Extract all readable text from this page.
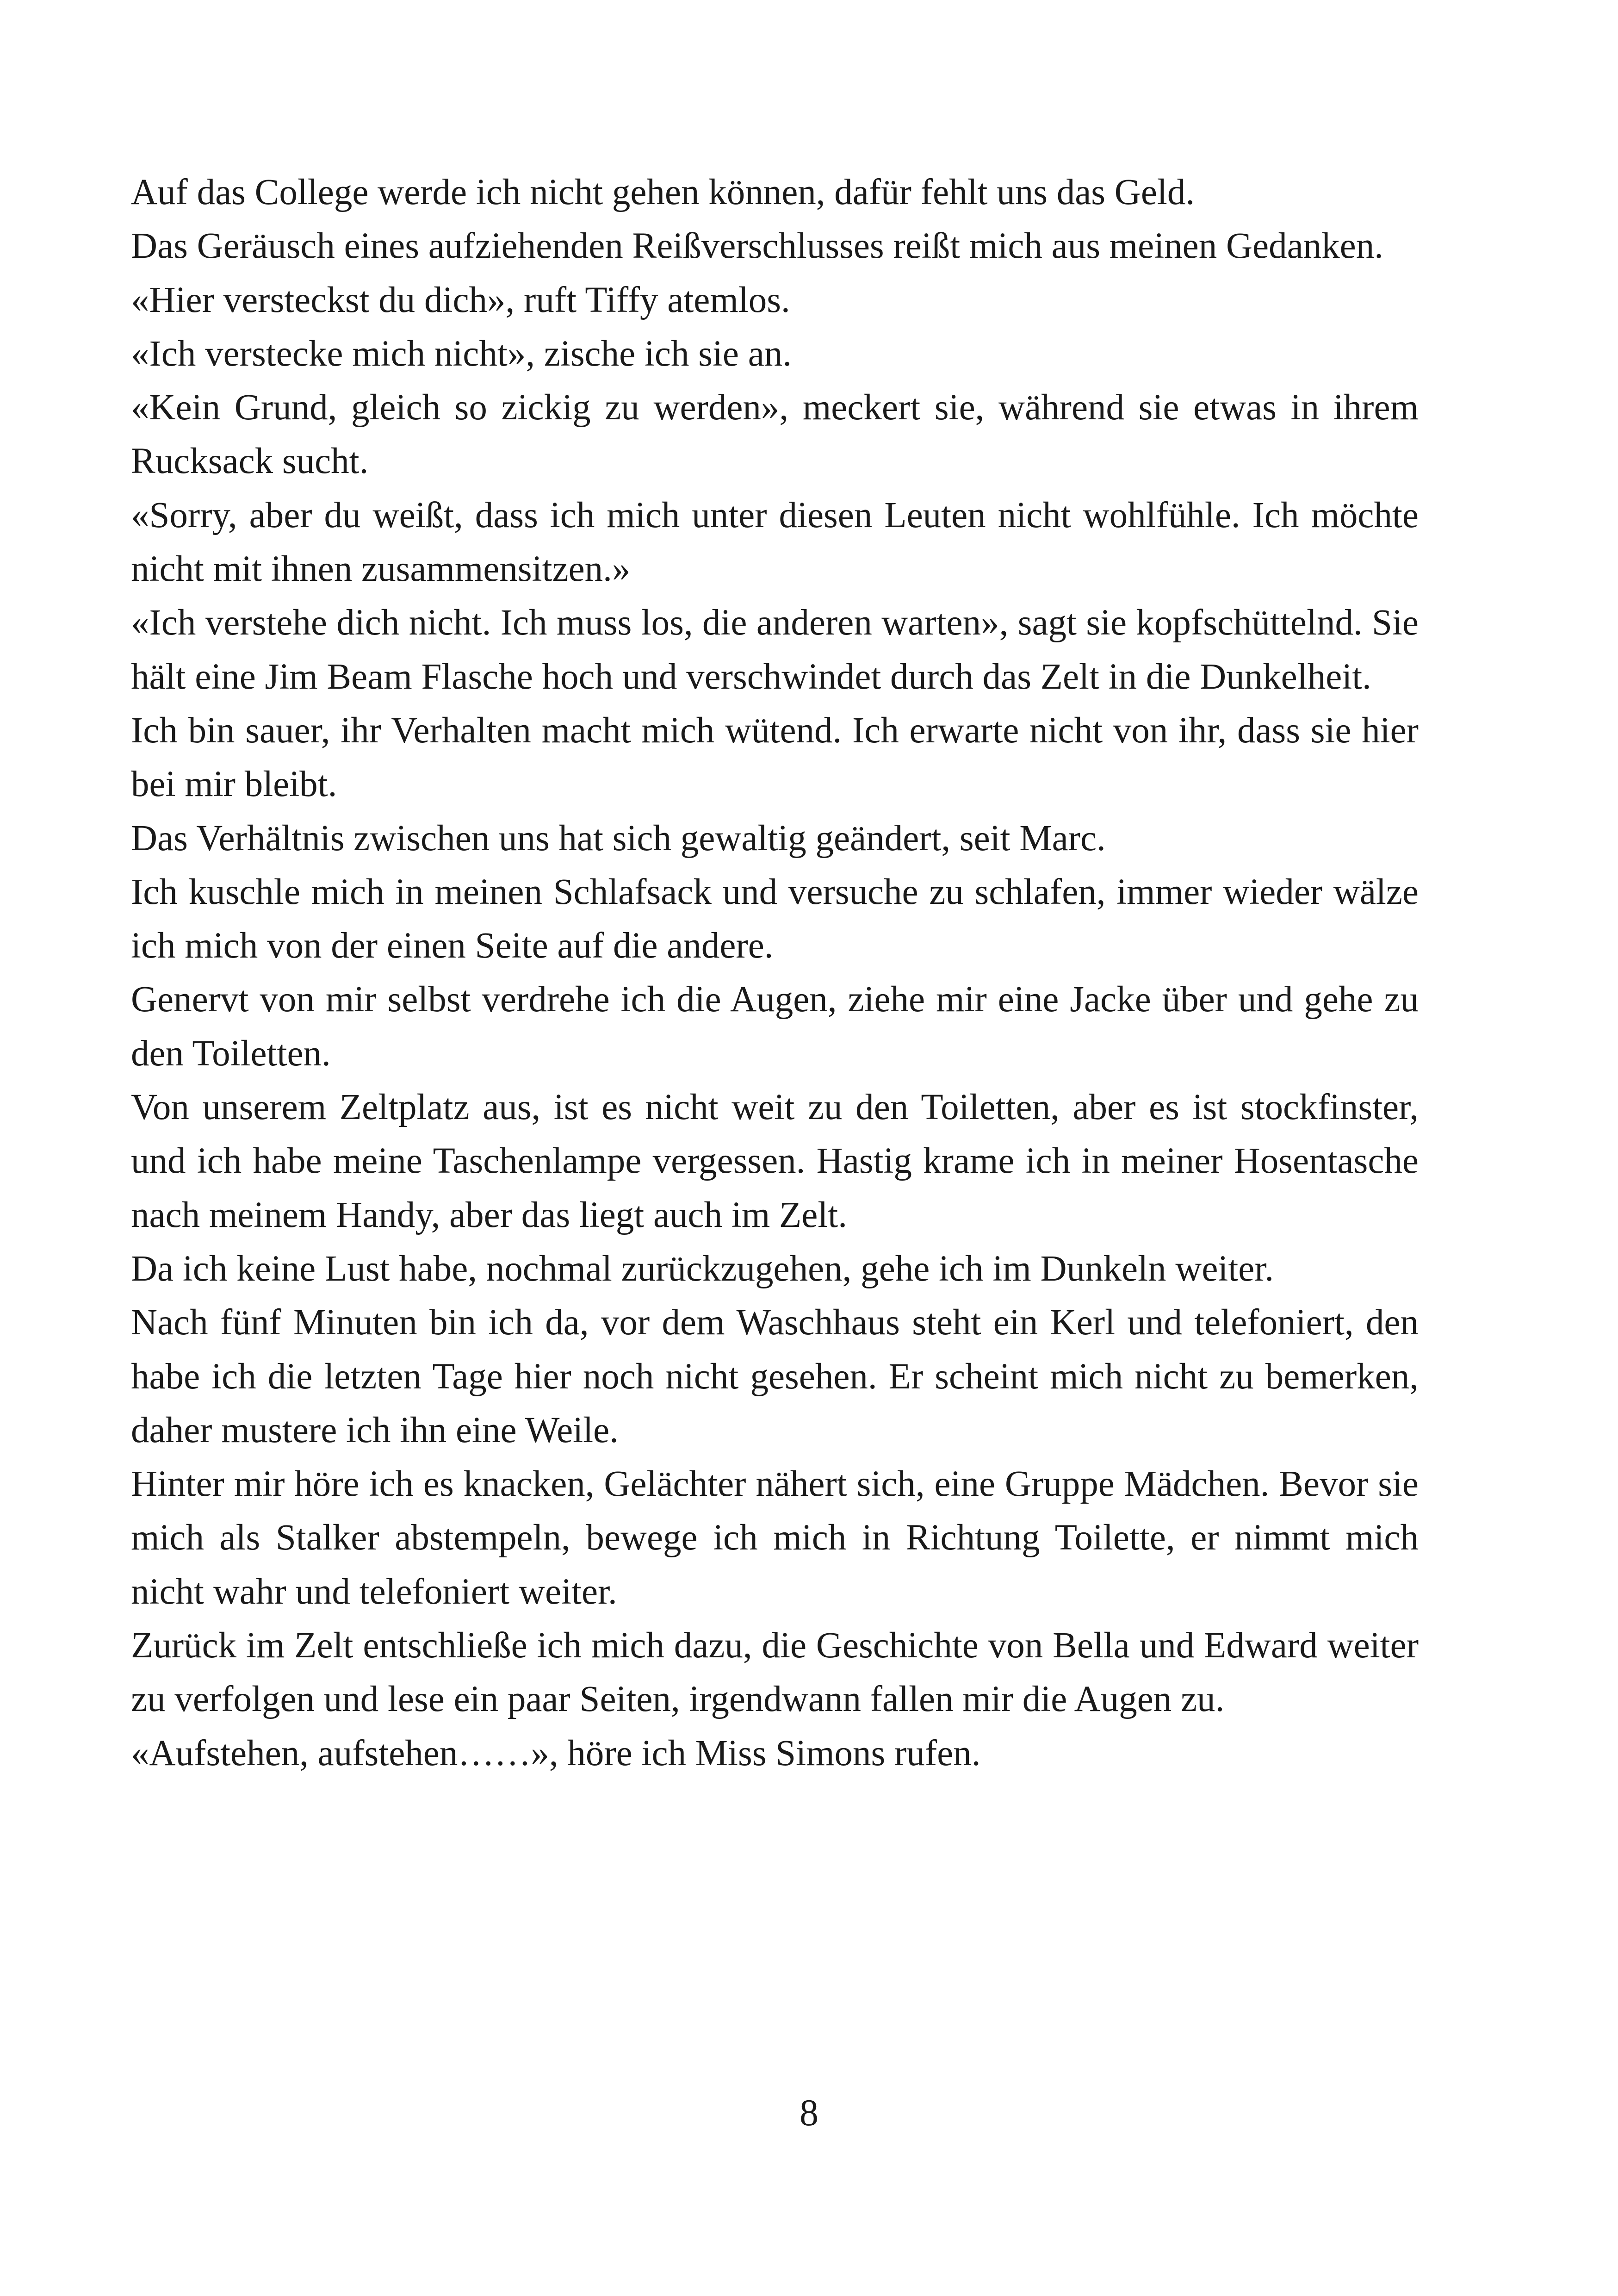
Auf das College werde ich nicht gehen können, dafür fehlt uns das Geld.

Das Geräusch eines aufziehenden Reißverschlusses reißt mich aus meinen Gedanken.

«Hier versteckst du dich», ruft Tiffy atemlos.

«Ich verstecke mich nicht», zische ich sie an.

«Kein Grund, gleich so zickig zu werden», meckert sie, während sie etwas in ihrem Rucksack sucht.

«Sorry, aber du weißt, dass ich mich unter diesen Leuten nicht wohlfühle. Ich möchte nicht mit ihnen zusammensitzen.»

«Ich verstehe dich nicht. Ich muss los, die anderen warten», sagt sie kopfschüttelnd. Sie hält eine Jim Beam Flasche hoch und verschwindet durch das Zelt in die Dunkelheit.

Ich bin sauer, ihr Verhalten macht mich wütend. Ich erwarte nicht von ihr, dass sie hier bei mir bleibt.

Das Verhältnis zwischen uns hat sich gewaltig geändert, seit Marc.

Ich kuschle mich in meinen Schlafsack und versuche zu schlafen, immer wieder wälze ich mich von der einen Seite auf die andere.

Genervt von mir selbst verdrehe ich die Augen, ziehe mir eine Jacke über und gehe zu den Toiletten.

Von unserem Zeltplatz aus, ist es nicht weit zu den Toiletten, aber es ist stockfinster, und ich habe meine Taschenlampe vergessen. Hastig krame ich in meiner Hosentasche nach meinem Handy, aber das liegt auch im Zelt.

Da ich keine Lust habe, nochmal zurückzugehen, gehe ich im Dunkeln weiter.

Nach fünf Minuten bin ich da, vor dem Waschhaus steht ein Kerl und telefoniert, den habe ich die letzten Tage hier noch nicht gesehen. Er scheint mich nicht zu bemerken, daher mustere ich ihn eine Weile.

Hinter mir höre ich es knacken, Gelächter nähert sich, eine Gruppe Mädchen. Bevor sie mich als Stalker abstempeln, bewege ich mich in Richtung Toilette, er nimmt mich nicht wahr und telefoniert weiter.

Zurück im Zelt entschließe ich mich dazu, die Geschichte von Bella und Edward weiter zu verfolgen und lese ein paar Seiten, irgendwann fallen mir die Augen zu.

«Aufstehen, aufstehen……», höre ich Miss Simons rufen.

8
